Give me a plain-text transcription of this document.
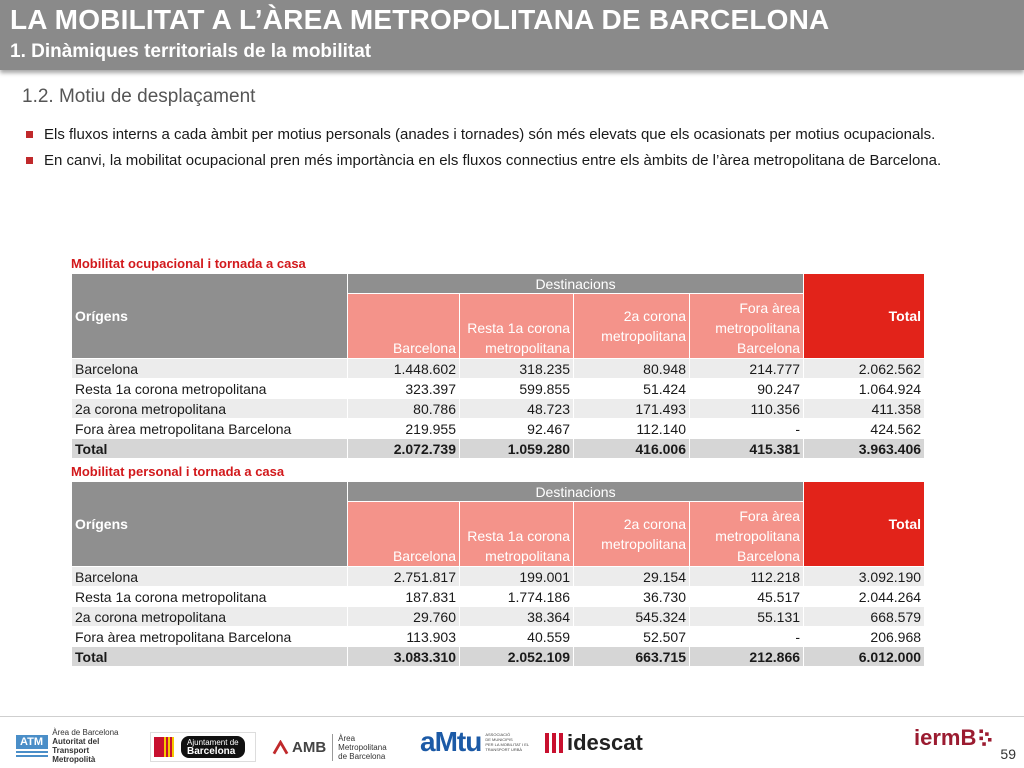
LA MOBILITAT A L’ÀREA METROPOLITANA DE BARCELONA
1. Dinàmiques territorials de la mobilitat
1.2. Motiu de desplaçament
Els fluxos interns a cada àmbit per motius personals (anades i tornades) són més elevats que els ocasionats per motius ocupacionals.
En canvi, la mobilitat ocupacional pren més importància en els fluxos connectius entre els àmbits de l’àrea metropolitana de Barcelona.
Mobilitat ocupacional i tornada a casa
Orígens	Destinacions				Total
	Barcelona	Resta 1a corona metropolitana	2a corona metropolitana	Fora àrea metropolitana Barcelona	
Barcelona	1.448.602	318.235	80.948	214.777	2.062.562
Resta 1a corona metropolitana	323.397	599.855	51.424	90.247	1.064.924
2a corona metropolitana	80.786	48.723	171.493	110.356	411.358
Fora àrea metropolitana Barcelona	219.955	92.467	112.140	-	424.562
Total	2.072.739	1.059.280	416.006	415.381	3.963.406
Mobilitat personal i tornada a casa
Orígens	Destinacions				Total
	Barcelona	Resta 1a corona metropolitana	2a corona metropolitana	Fora àrea metropolitana Barcelona	
Barcelona	2.751.817	199.001	29.154	112.218	3.092.190
Resta 1a corona metropolitana	187.831	1.774.186	36.730	45.517	2.044.264
2a corona metropolitana	29.760	38.364	545.324	55.131	668.579
Fora àrea metropolitana Barcelona	113.903	40.559	52.507	-	206.968
Total	3.083.310	2.052.109	663.715	212.866	6.012.000
ATM
Àrea de Barcelona
Autoritat del Transport
Metropolità
Ajuntament de
Barcelona	AMB
Àrea Metropolitana
de Barcelona	aMtu ASSOCIACIÓ
DE MUNICIPIS
PER LA MOBILITAT I EL
TRANSPORT URBÀ	idescat	iermB
59
